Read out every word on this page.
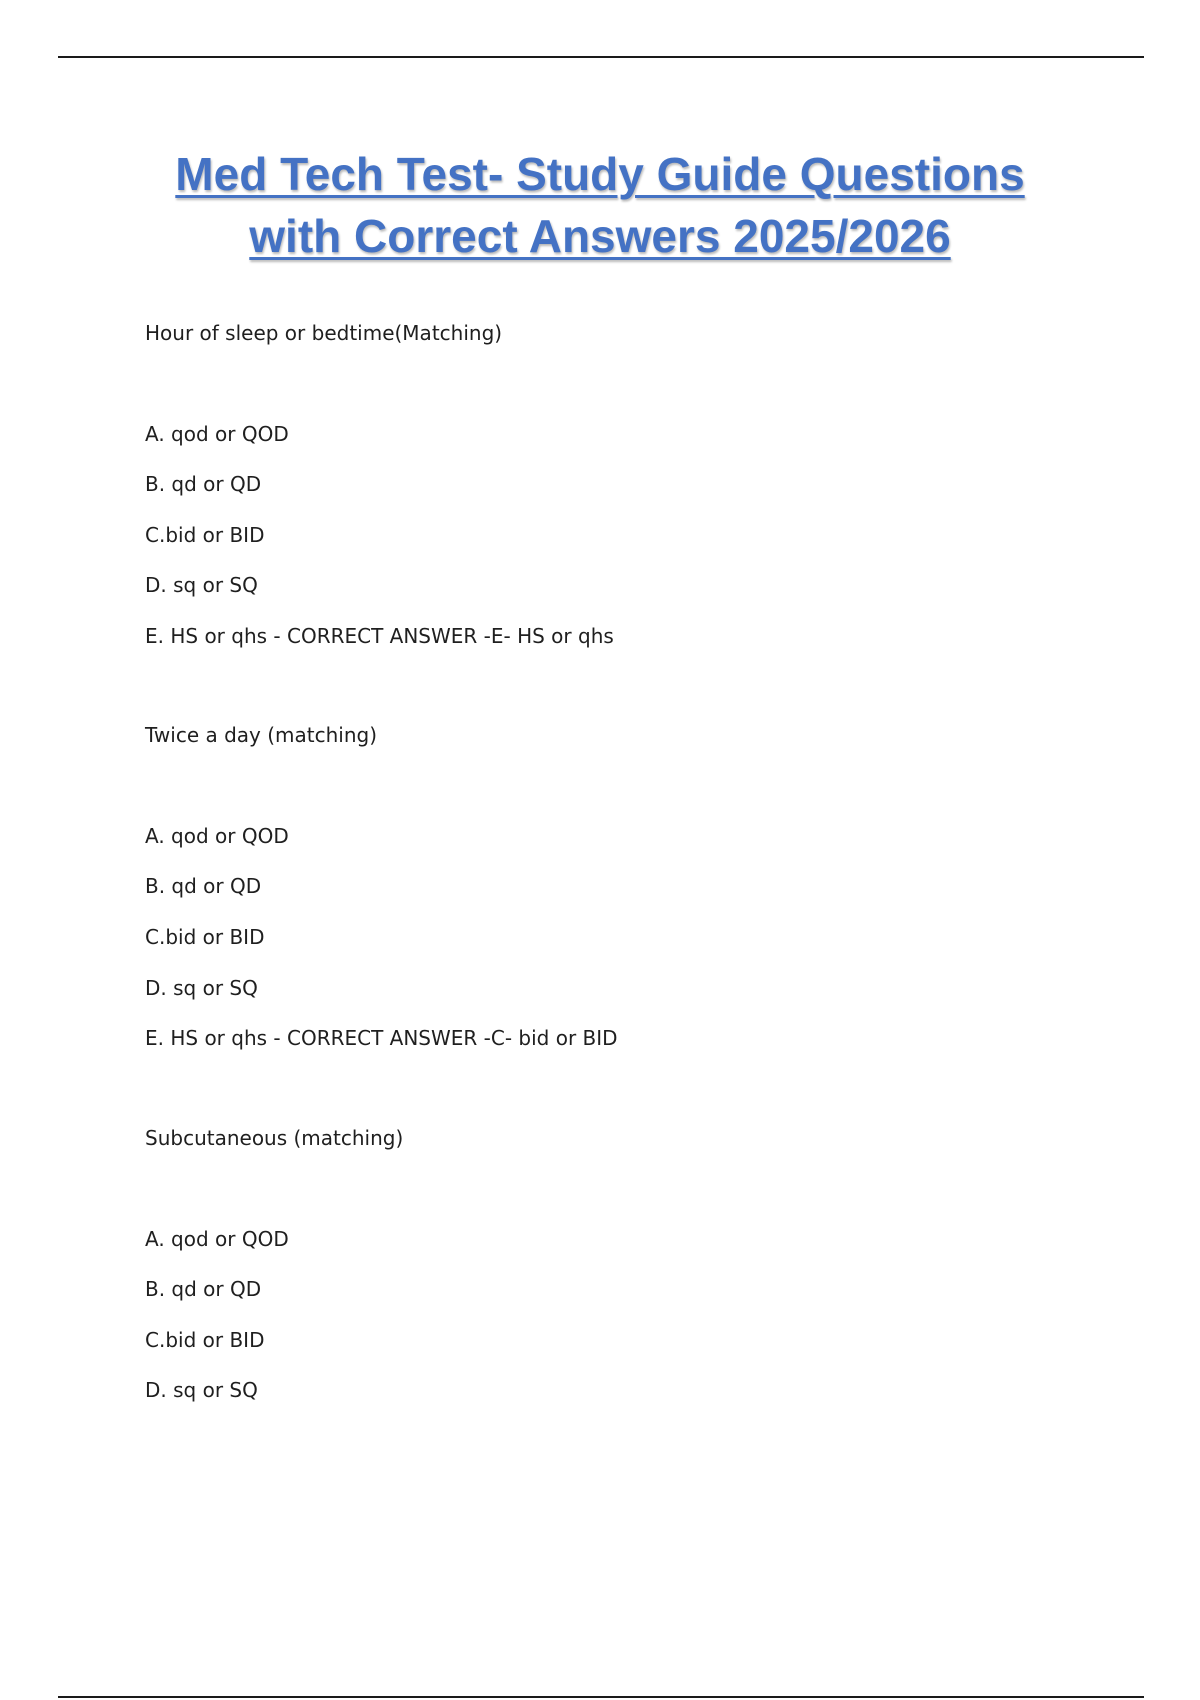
Med Tech Test- Study Guide Questions
with Correct Answers 2025/2026

Hour of sleep or bedtime(Matching)

A. qod or QOD

B. qd or QD

C.bid or BID

D. sq or SQ

E. HS or qhs - CORRECT ANSWER -E- HS or qhs

Twice a day (matching)

A. qod or QOD

B. qd or QD

C.bid or BID

D. sq or SQ

E. HS or qhs - CORRECT ANSWER -C- bid or BID

Subcutaneous (matching)

A. qod or QOD

B. qd or QD

C.bid or BID

D. sq or SQ
